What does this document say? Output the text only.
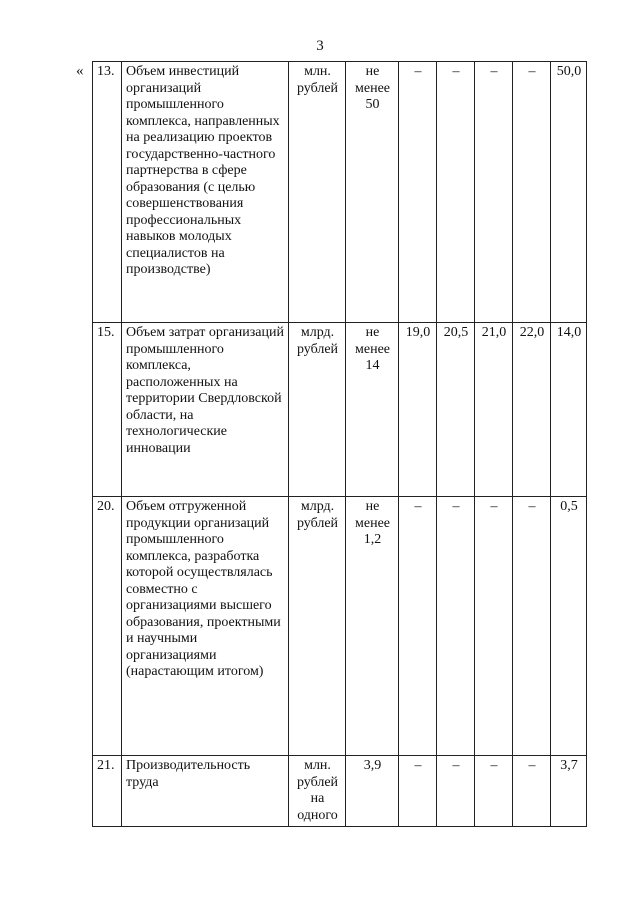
3
« 13.	Объем инвестиций организаций промышленного комплекса, направленных на реализацию проектов государственно-частного партнерства в сфере образования (с целью совершенствования профессиональных навыков молодых специалистов на производстве)	млн. рублей	не менее 50	–	–	–	–	50,0
15.	Объем затрат организаций промышленного комплекса, расположенных на территории Свердловской области, на технологические инновации	млрд. рублей	не менее 14	19,0	20,5	21,0	22,0	14,0
20.	Объем отгруженной продукции организаций промышленного комплекса, разработка которой осуществлялась совместно с организациями высшего образования, проектными и научными организациями (нарастающим итогом)	млрд. рублей	не менее 1,2	–	–	–	–	0,5
21.	Производительность труда	млн. рублей на одного	3,9	–	–	–	–	3,7
